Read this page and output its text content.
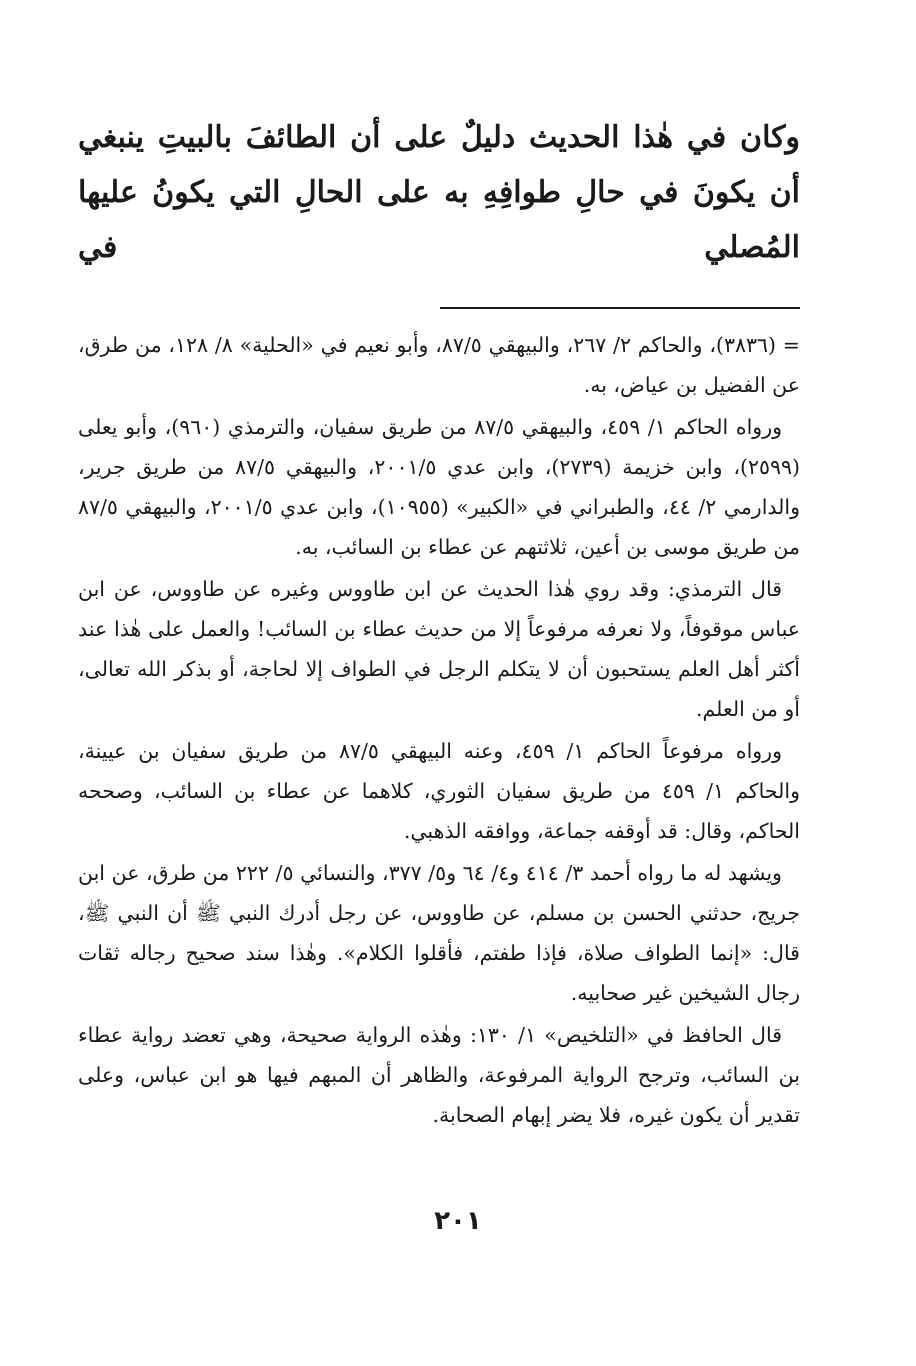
وكان في هٰذا الحديث دليلٌ على أن الطائفَ بالبيتِ ينبغي أن يكونَ في حالِ طوافِهِ به على الحالِ التي يكونُ عليها المُصلي في

= (٣٨٣٦)، والحاكم ٢/ ٢٦٧، والبيهقي ٨٧/٥، وأبو نعيم في «الحلية» ٨/ ١٢٨، من طرق، عن الفضيل بن عياض، به.

ورواه الحاكم ١/ ٤٥٩، والبيهقي ٨٧/٥ من طريق سفيان، والترمذي (٩٦٠)، وأبو يعلى (٢٥٩٩)، وابن خزيمة (٢٧٣٩)، وابن عدي ٢٠٠١/٥، والبيهقي ٨٧/٥ من طريق جرير، والدارمي ٢/ ٤٤، والطبراني في «الكبير» (١٠٩٥٥)، وابن عدي ٢٠٠١/٥، والبيهقي ٨٧/٥ من طريق موسى بن أعين، ثلاثتهم عن عطاء بن السائب، به.

قال الترمذي: وقد روي هٰذا الحديث عن ابن طاووس وغيره عن طاووس، عن ابن عباس موقوفاً، ولا نعرفه مرفوعاً إلا من حديث عطاء بن السائب! والعمل على هٰذا عند أكثر أهل العلم يستحبون أن لا يتكلم الرجل في الطواف إلا لحاجة، أو بذكر الله تعالى، أو من العلم.

ورواه مرفوعاً الحاكم ١/ ٤٥٩، وعنه البيهقي ٨٧/٥ من طريق سفيان بن عيينة، والحاكم ١/ ٤٥٩ من طريق سفيان الثوري، كلاهما عن عطاء بن السائب، وصححه الحاكم، وقال: قد أوقفه جماعة، ووافقه الذهبي.

ويشهد له ما رواه أحمد ٣/ ٤١٤ و٤/ ٦٤ و٥/ ٣٧٧، والنسائي ٥/ ٢٢٢ من طرق، عن ابن جريج، حدثني الحسن بن مسلم، عن طاووس، عن رجل أدرك النبي ﷺ أن النبي ﷺ، قال: «إنما الطواف صلاة، فإذا طفتم، فأقلوا الكلام». وهٰذا سند صحيح رجاله ثقات رجال الشيخين غير صحابيه.

قال الحافظ في «التلخيص» ١/ ١٣٠: وهٰذه الرواية صحيحة، وهي تعضد رواية عطاء بن السائب، وترجح الرواية المرفوعة، والظاهر أن المبهم فيها هو ابن عباس، وعلى تقدير أن يكون غيره، فلا يضر إبهام الصحابة.

٢٠١
